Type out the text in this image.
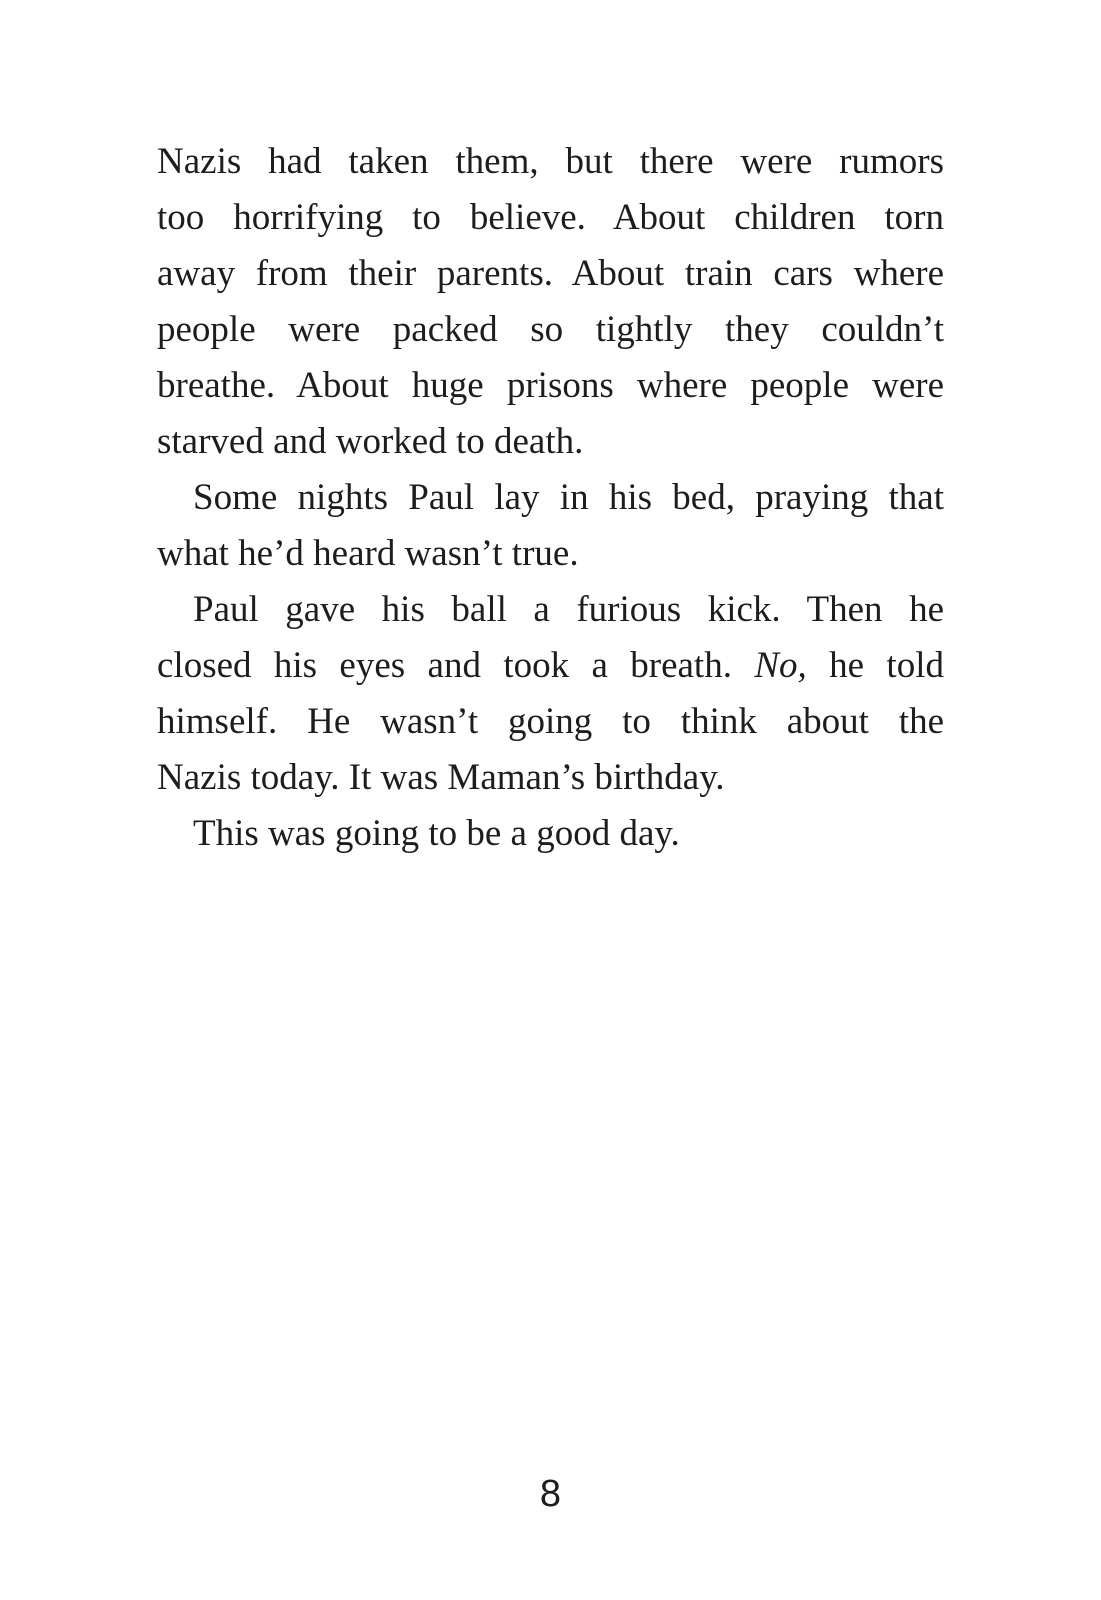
Nazis had taken them, but there were rumors
too horrifying to believe. About children torn
away from their parents. About train cars where
people were packed so tightly they couldn’t
breathe. About huge prisons where people were
starved and worked to death.
Some nights Paul lay in his bed, praying that
what he’d heard wasn’t true.
Paul gave his ball a furious kick. Then he
closed his eyes and took a breath. No, he told
himself. He wasn’t going to think about the
Nazis today. It was Maman’s birthday.
This was going to be a good day.
8
